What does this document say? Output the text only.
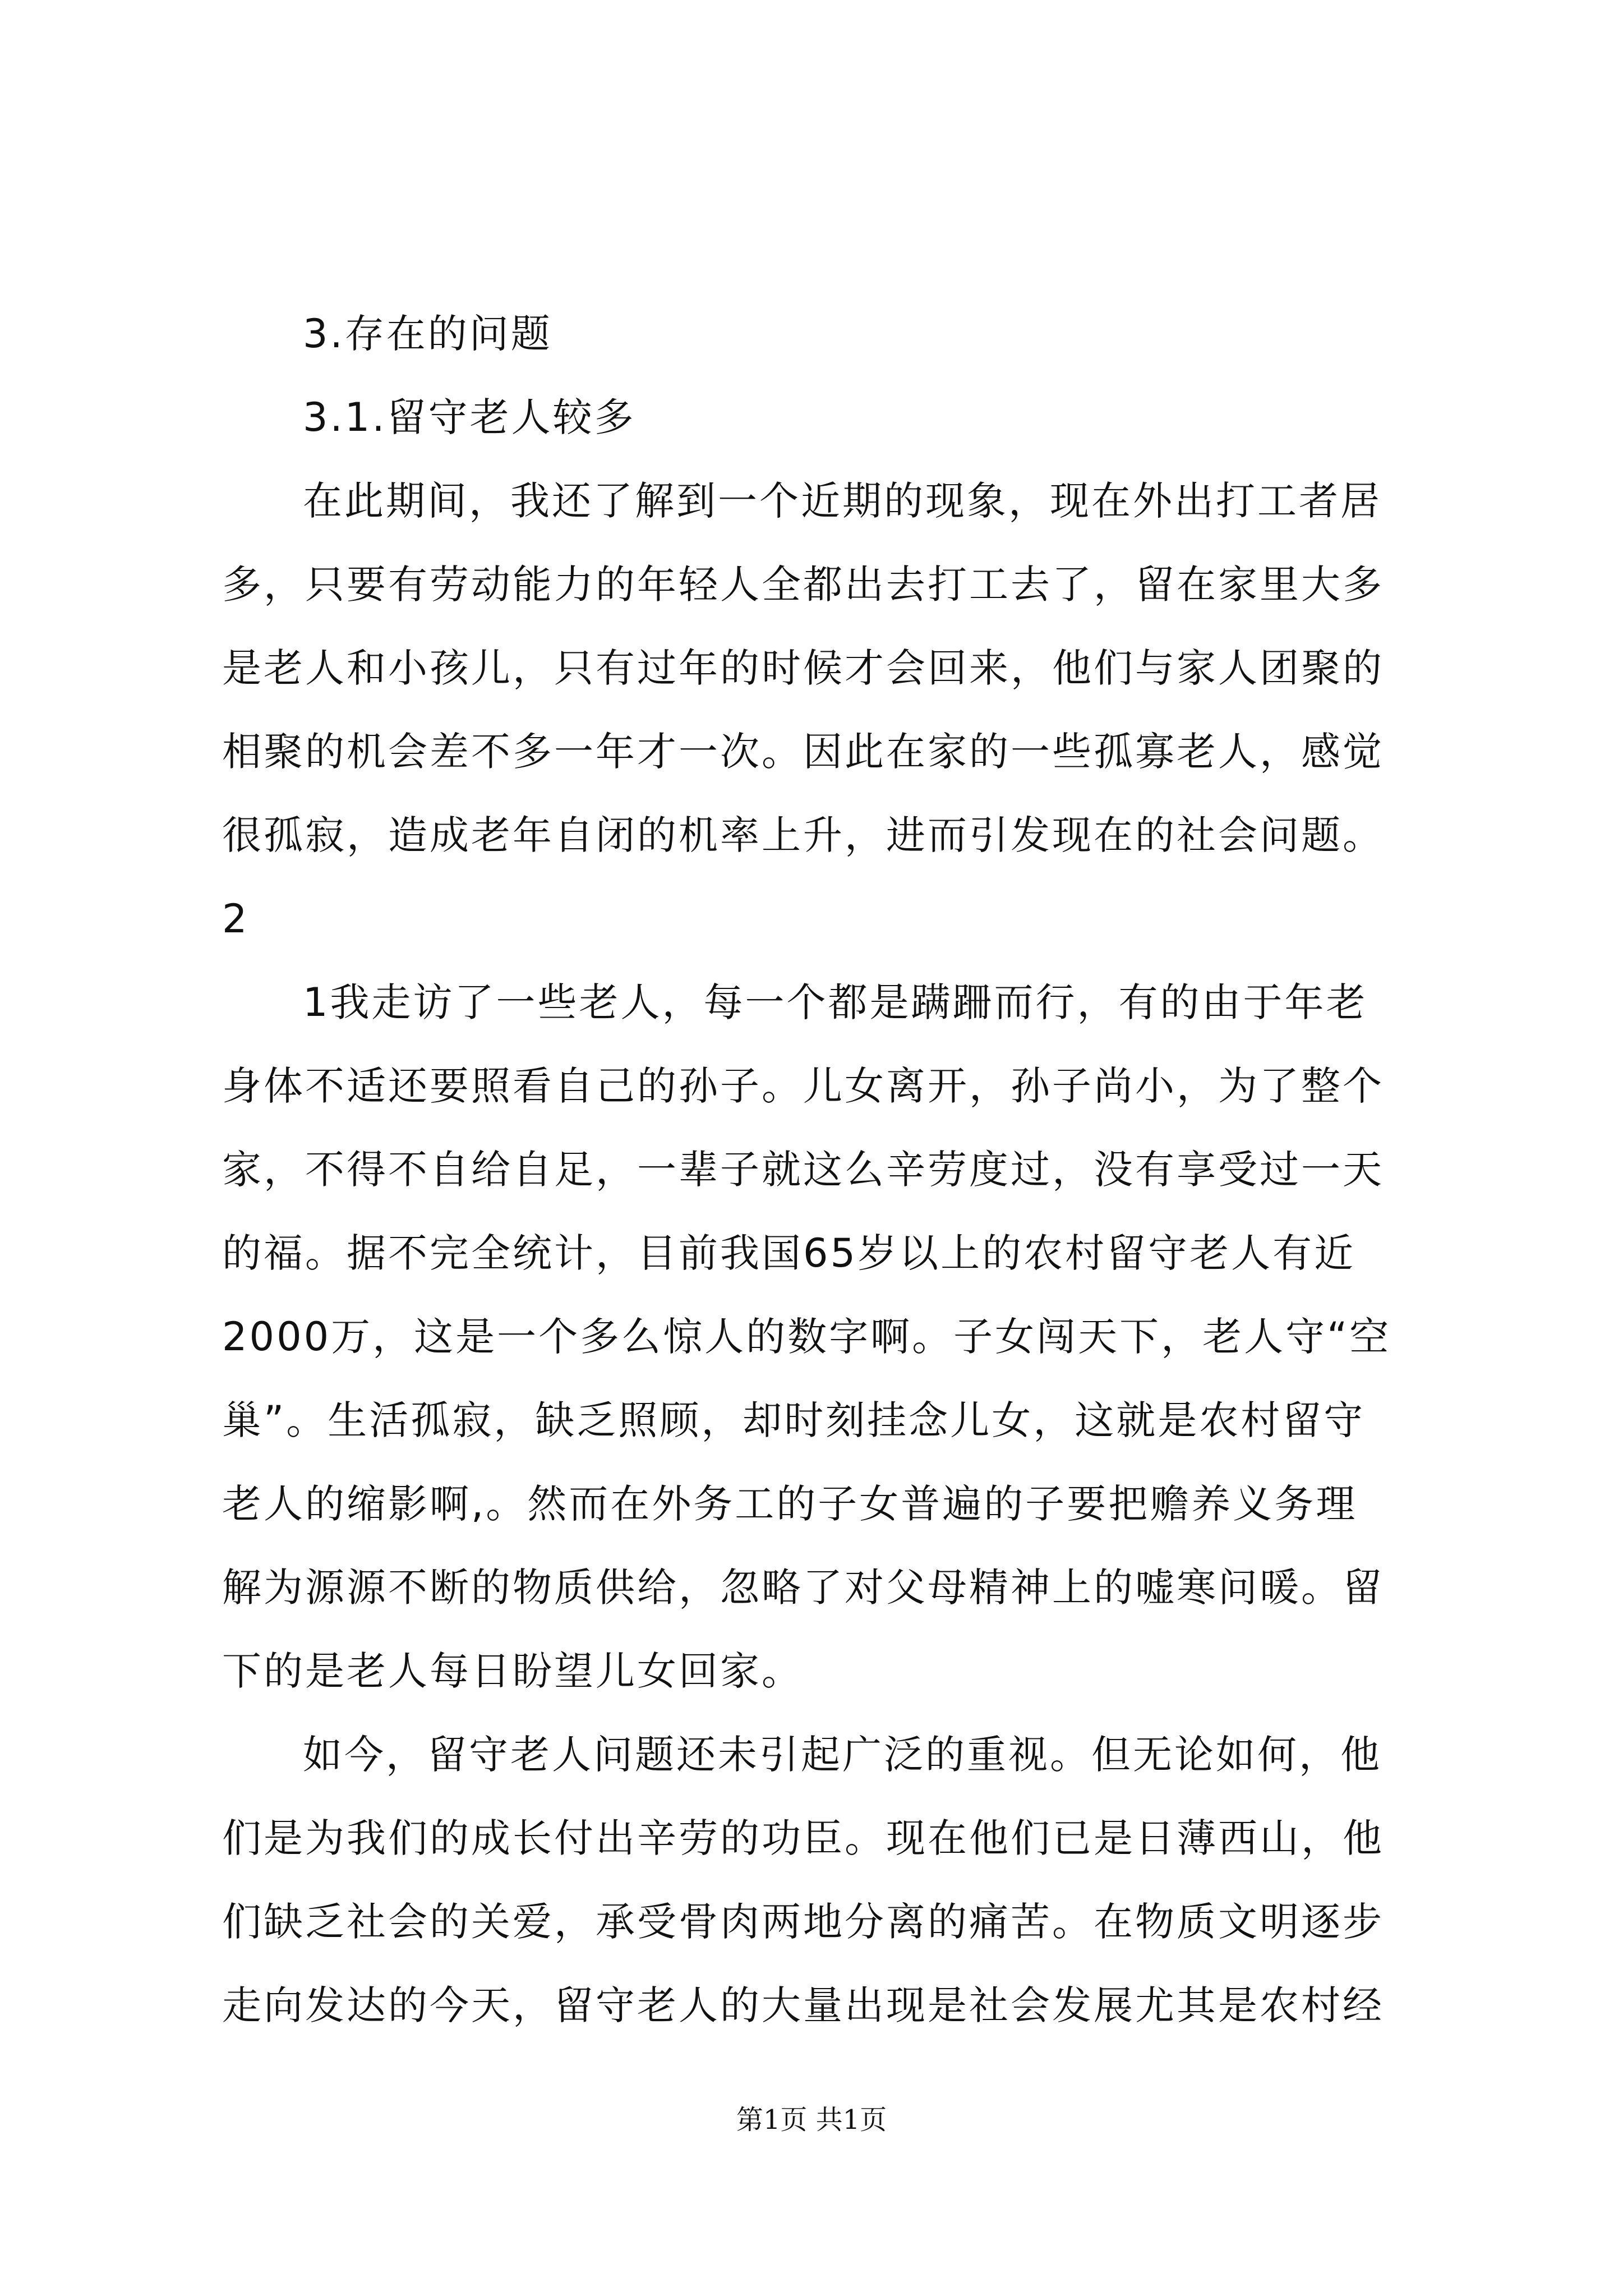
3.存在的问题
3.1.留守老人较多
在此期间，我还了解到一个近期的现象，现在外出打工者居
多，只要有劳动能力的年轻人全都出去打工去了，留在家里大多
是老人和小孩儿，只有过年的时候才会回来，他们与家人团聚的
相聚的机会差不多一年才一次。因此在家的一些孤寡老人，感觉
很孤寂，造成老年自闭的机率上升，进而引发现在的社会问题。
2
1我走访了一些老人，每一个都是蹒跚而行，有的由于年老
身体不适还要照看自己的孙子。儿女离开，孙子尚小，为了整个
家，不得不自给自足，一辈子就这么辛劳度过，没有享受过一天
的福。据不完全统计，目前我国65岁以上的农村留守老人有近
2000万，这是一个多么惊人的数字啊。子女闯天下，老人守“空
巢”。生活孤寂，缺乏照顾，却时刻挂念儿女，这就是农村留守
老人的缩影啊,。然而在外务工的子女普遍的子要把赡养义务理
解为源源不断的物质供给，忽略了对父母精神上的嘘寒问暖。留
下的是老人每日盼望儿女回家。
如今，留守老人问题还未引起广泛的重视。但无论如何，他
们是为我们的成长付出辛劳的功臣。现在他们已是日薄西山，他
们缺乏社会的关爱，承受骨肉两地分离的痛苦。在物质文明逐步
走向发达的今天，留守老人的大量出现是社会发展尤其是农村经
第1页 共1页
